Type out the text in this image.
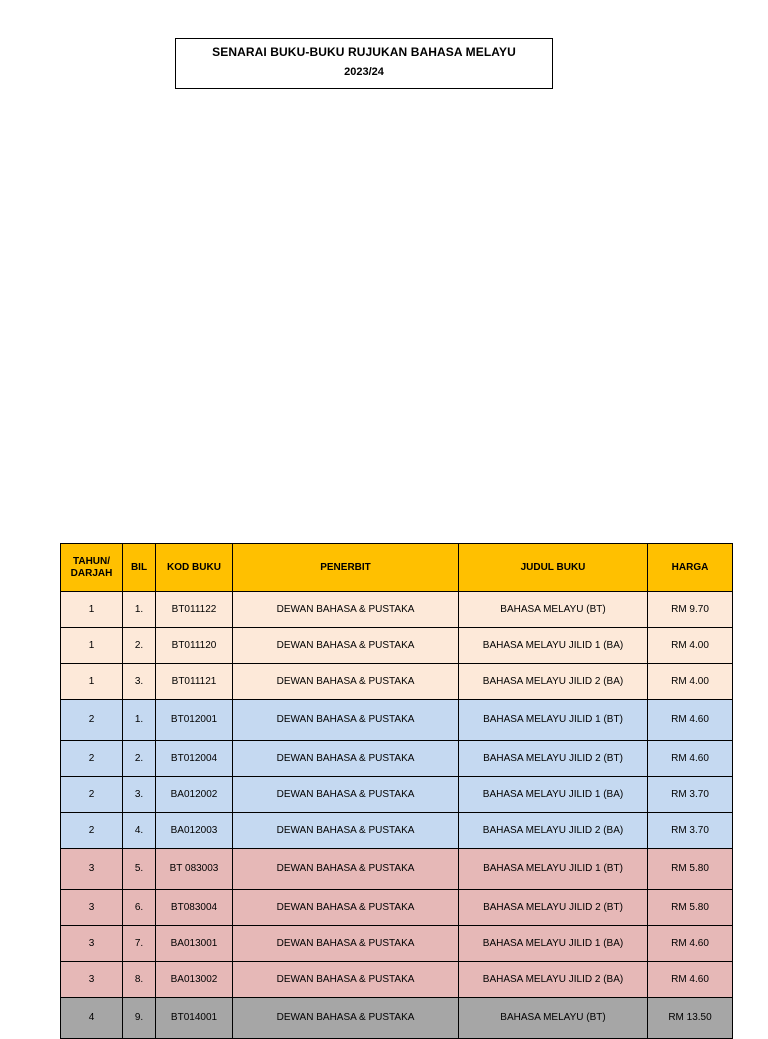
SENARAI BUKU-BUKU RUJUKAN BAHASA MELAYU
2023/24
TAHUN/
DARJAH	BIL	KOD BUKU	PENERBIT	JUDUL BUKU	HARGA
1	1.	BT011122	DEWAN BAHASA & PUSTAKA	BAHASA MELAYU (BT)	RM 9.70
1	2.	BT011120	DEWAN BAHASA & PUSTAKA	BAHASA MELAYU JILID 1 (BA)	RM 4.00
1	3.	BT011121	DEWAN BAHASA & PUSTAKA	BAHASA MELAYU JILID 2 (BA)	RM 4.00
2	1.	BT012001	DEWAN BAHASA & PUSTAKA	BAHASA MELAYU JILID 1 (BT)	RM 4.60
2	2.	BT012004	DEWAN BAHASA & PUSTAKA	BAHASA MELAYU JILID 2 (BT)	RM 4.60
2	3.	BA012002	DEWAN BAHASA & PUSTAKA	BAHASA MELAYU JILID 1 (BA)	RM 3.70
2	4.	BA012003	DEWAN BAHASA & PUSTAKA	BAHASA MELAYU JILID 2 (BA)	RM 3.70
3	5.	BT 083003	DEWAN BAHASA & PUSTAKA	BAHASA MELAYU JILID 1 (BT)	RM 5.80
3	6.	BT083004	DEWAN BAHASA & PUSTAKA	BAHASA MELAYU JILID 2 (BT)	RM 5.80
3	7.	BA013001	DEWAN BAHASA & PUSTAKA	BAHASA MELAYU JILID 1 (BA)	RM 4.60
3	8.	BA013002	DEWAN BAHASA & PUSTAKA	BAHASA MELAYU JILID 2 (BA)	RM 4.60
4	9.	BT014001	DEWAN BAHASA & PUSTAKA	BAHASA MELAYU (BT)	RM 13.50
